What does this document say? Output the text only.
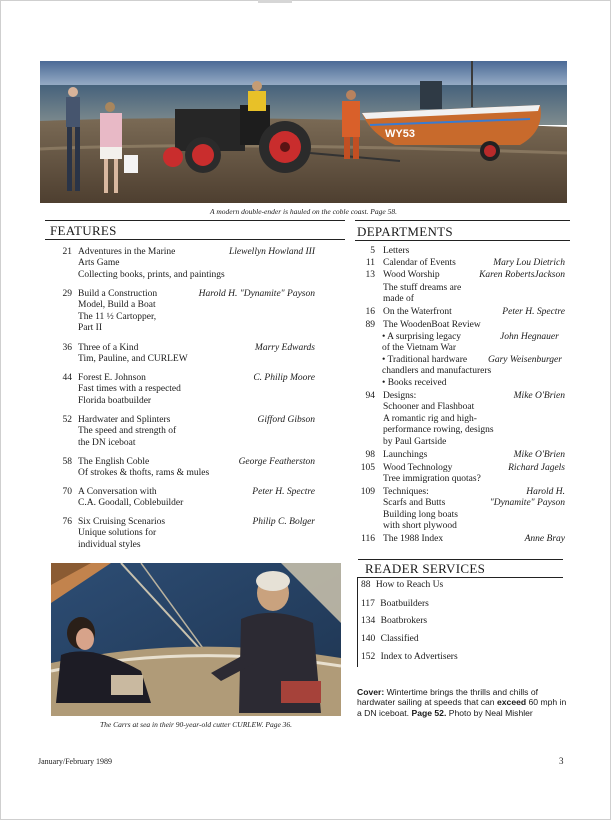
WY53
A modern double-ender is hauled on the coble coast. Page 58.
FEATURES
21 Adventures in the Marine	Llewellyn Howland III
Arts Game
Collecting books, prints, and paintings
29 Build a Construction	Harold H. "Dynamite" Payson
Model, Build a Boat
The 11 ½ Cartopper,
Part II
36 Three of a Kind	Marry Edwards
Tim, Pauline, and CURLEW
44 Forest E. Johnson	C. Philip Moore
Fast times with a respected
Florida boatbuilder
52 Hardwater and Splinters	Gifford Gibson
The speed and strength of
the DN iceboat
58 The English Coble	George Featherston
Of strokes & thofts, rams & mules
70 A Conversation with	Peter H. Spectre
C.A. Goodall, Coblebuilder
76 Six Cruising Scenarios	Philip C. Bolger
Unique solutions for
individual styles
DEPARTMENTS
5 Letters
11 Calendar of Events	Mary Lou Dietrich
13 Wood Worship	Karen RobertsJackson
The stuff dreams are
made of
16 On the Waterfront	Peter H. Spectre
89 The WoodenBoat Review
• A surprising legacy
of the Vietnam War
John Hegnauer
• Traditional hardware
chandlers and manufacturers
Gary Weisenburger
• Books received
94 Designs:	Mike O'Brien
Schooner and Flashboat
A romantic rig and high-
performance rowing, designs
by Paul Gartside
98 Launchings	Mike O'Brien
105 Wood Technology	Richard Jagels
Tree immigration quotas?
109 Techniques:	Harold H.
"Dynamite" Payson
Scarfs and Butts
Building long boats
with short plywood
116 The 1988 Index	Anne Bray
READER SERVICES
88 How to Reach Us
117 Boatbuilders
134 Boatbrokers
140 Classified
152 Index to Advertisers
The Carrs at sea in their 90-year-old cutter CURLEW. Page 36.
Cover: Wintertime brings the thrills and chills of hardwater sailing at speeds that can exceed 60 mph in a DN iceboat. Page 52. Photo by Neal Mishler
January/February 1989	3
